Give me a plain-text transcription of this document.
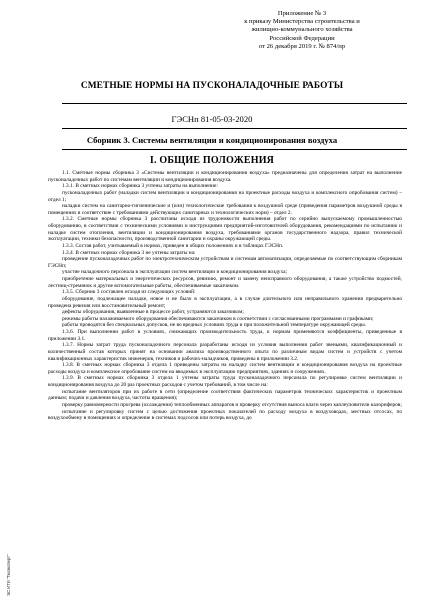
Приложение № 3
к приказу Министерства строительства и
жилищно-коммунального хозяйства
Российской Федерации
от 26 декабря 2019 г. № 874/пр
СМЕТНЫЕ НОРМЫ НА ПУСКОНАЛАДОЧНЫЕ РАБОТЫ
ГЭСНп 81-05-03-2020
Сборник 3. Системы вентиляции и кондиционирования воздуха
I. ОБЩИЕ ПОЛОЖЕНИЯ

1.1. Сметные нормы сборника 3 «Системы вентиляции и кондиционирования воздуха» предназначены для определения затрат на выполнение пусконаладочных работ по системам вентиляции и кондиционирования воздуха.

1.3.1. В сметных нормах сборника 3 учтены затраты на выполнение:

пусконаладочных работ (наладки систем вентиляции и кондиционирования на проектные расходы воздуха и комплексного опробования систем) – отдел 1;

наладки систем на санитарно-гигиенические и (или) технологические требования к воздушной среде (приведения параметров воздушной среды в помещениях в соответствие с требованиями действующих санитарных и технологических норм) – отдел 2.

1.3.2. Сметные нормы сборника 3 рассчитаны исходя из трудоемкости выполнения работ по серийно выпускаемому промышленностью оборудованию, в соответствии с техническими условиями и инструкциями предприятий-изготовителей оборудования, рекомендациями по испытанию и наладке систем отопления, вентиляции и кондиционирования воздуха, требованиями органов государственного надзора, правил технической эксплуатации, техники безопасности, производственной санитарии и охраны окружающей среды.

1.3.3. Состав работ, учитываемый в нормах, приведен в общих положениях и в таблицах ГЭСНп.

1.3.4. В сметных нормах сборника 3 не учтены затраты на:

проведение пусконаладочных работ по электротехническим устройствам и системам автоматизации, определяемые по соответствующим сборникам ГЭСНп;

участие наладочного персонала в эксплуатации систем вентиляции и кондиционирования воздуха;

приобретение материальных и энергетических ресурсов, ревизию, ремонт и замену неисправного оборудования, а также устройство подмостей, лестниц-стремянок и другие вспомогательные работы, обеспечиваемые заказчиком.

1.3.5. Сборник 3 составлен исходя из следующих условий:

оборудование, подлежащее наладке, новое и не было в эксплуатации, а в случае длительного или неправильного хранения предварительно проведена ревизия или восстановительный ремонт;

дефекты оборудования, выявленные в процессе работ, устраняются заказчиком;

режимы работы налаживаемого оборудования обеспечиваются заказчиком в соответствии с согласованными программами и графиками;

работы проводятся без специальных допусков, не во вредных условиях труда и при положительной температуре окружающей среды.

1.3.6. При выполнении работ в условиях, снижающих производительность труда, к нормам применяются коэффициенты, приведенные в приложении 3.1.

1.3.7. Нормы затрат труда пусконаладочного персонала разработаны исходя из условия выполнения работ звеньями, квалификационный и количественный состав которых принят на основании анализа производственного опыта по различным видам систем и устройств с учетом квалификационных характеристик инженеров, техников и рабочих-наладчиков, приведены в приложении 3.2.

1.3.8. В сметных нормах сборника 3 отдела 1 приведены затраты на наладку систем вентиляции и кондиционирования воздуха на проектные расходы воздуха и комплексное опробование систем на вводимых в эксплуатацию предприятиях, зданиях и сооружениях.

1.3.9. В сметных нормах сборника 3 отдела 1 учтены затраты труда пусконаладочного персонала по регулировке систем вентиляции и кондиционирования воздуха до 20 раз проектных расходов с учетом требований, в том числе на:

испытание вентиляторов при их работе в сети (определение соответствия фактических параметров технических характеристик и проектным данным; подачи и давления воздуха, частоты вращения);

проверку равномерности прогрева (охлаждения) теплообменных аппаратов и проверку отсутствия выноса влаги через каплеуловители калориферов;

испытание и регулировку систем с целью достижения проектных показателей по расходу воздуха в воздуховодах, местных отсосах, по воздухообмену в помещениях и определение в системах подсосов или потерь воздуха, до

ЭС ИТИ "Техэксперт"
